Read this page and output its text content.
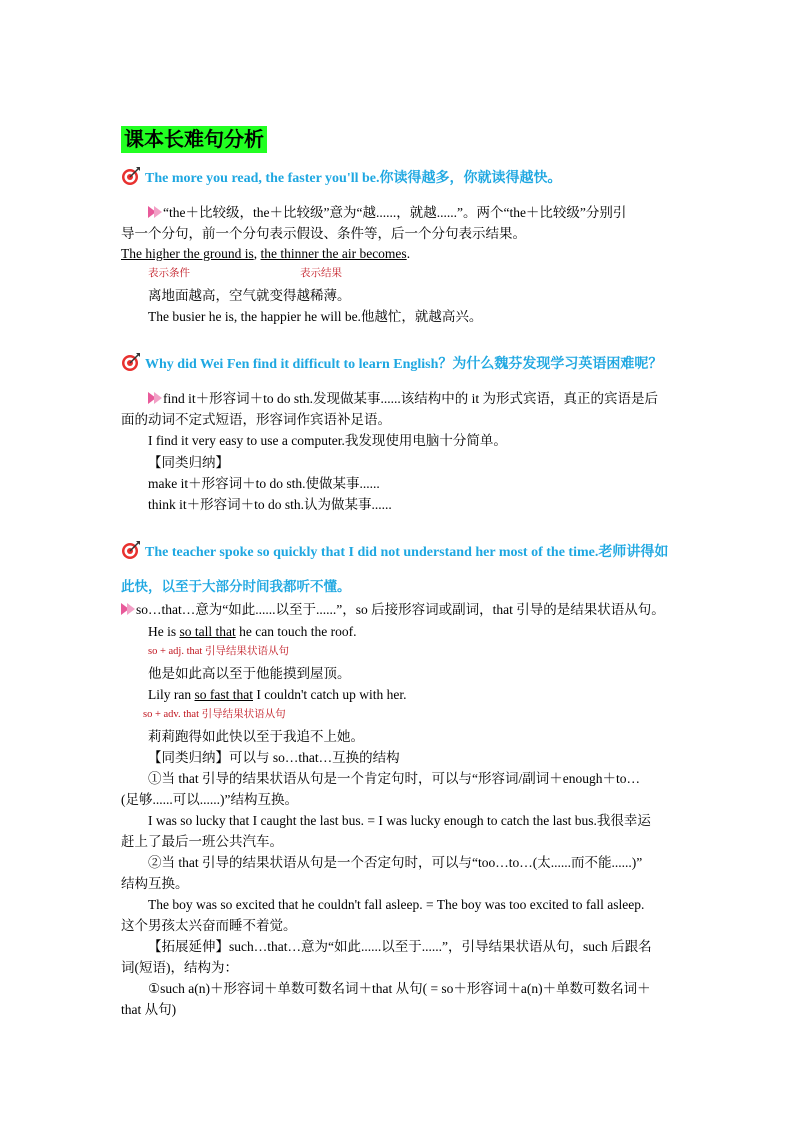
课本长难句分析
The more you read, the faster you'll be.你读得越多，你就读得越快。
“the＋比较级，the＋比较级”意为“越......，就越......”。两个“the＋比较级”分别引
导一个分句，前一个分句表示假设、条件等，后一个分句表示结果。
The higher the ground is, the thinner the air becomes.
表示条件	表示结果
离地面越高，空气就变得越稀薄。
The busier he is, the happier he will be.他越忙，就越高兴。
Why did Wei Fen find it difficult to learn English？为什么魏芬发现学习英语困难呢？
find it＋形容词＋to do sth.发现做某事......该结构中的 it 为形式宾语，真正的宾语是后
面的动词不定式短语，形容词作宾语补足语。
I find it very easy to use a computer.我发现使用电脑十分简单。
【同类归纳】
make it＋形容词＋to do sth.使做某事......
think it＋形容词＋to do sth.认为做某事......
The teacher spoke so quickly that I did not understand her most of the time.老师讲得如
此快，以至于大部分时间我都听不懂。
so…that…意为“如此......以至于......”，so 后接形容词或副词，that 引导的是结果状语从句。
He is so tall that he can touch the roof.
so + adj. that 引导结果状语从句
他是如此高以至于他能摸到屋顶。
Lily ran so fast that I couldn't catch up with her.
so + adv. that 引导结果状语从句
莉莉跑得如此快以至于我追不上她。
【同类归纳】可以与 so…that…互换的结构
①当 that 引导的结果状语从句是一个肯定句时，可以与“形容词/副词＋enough＋to…
(足够......可以......)”结构互换。
I was so lucky that I caught the last bus. = I was lucky enough to catch the last bus.我很幸运
赶上了最后一班公共汽车。
②当 that 引导的结果状语从句是一个否定句时，可以与“too…to…(太......而不能......)”
结构互换。
The boy was so excited that he couldn't fall asleep. = The boy was too excited to fall asleep.
这个男孩太兴奋而睡不着觉。
【拓展延伸】such…that…意为“如此......以至于......”，引导结果状语从句，such 后跟名
词(短语)，结构为：
①such a(n)＋形容词＋单数可数名词＋that 从句( = so＋形容词＋a(n)＋单数可数名词＋
that 从句)
